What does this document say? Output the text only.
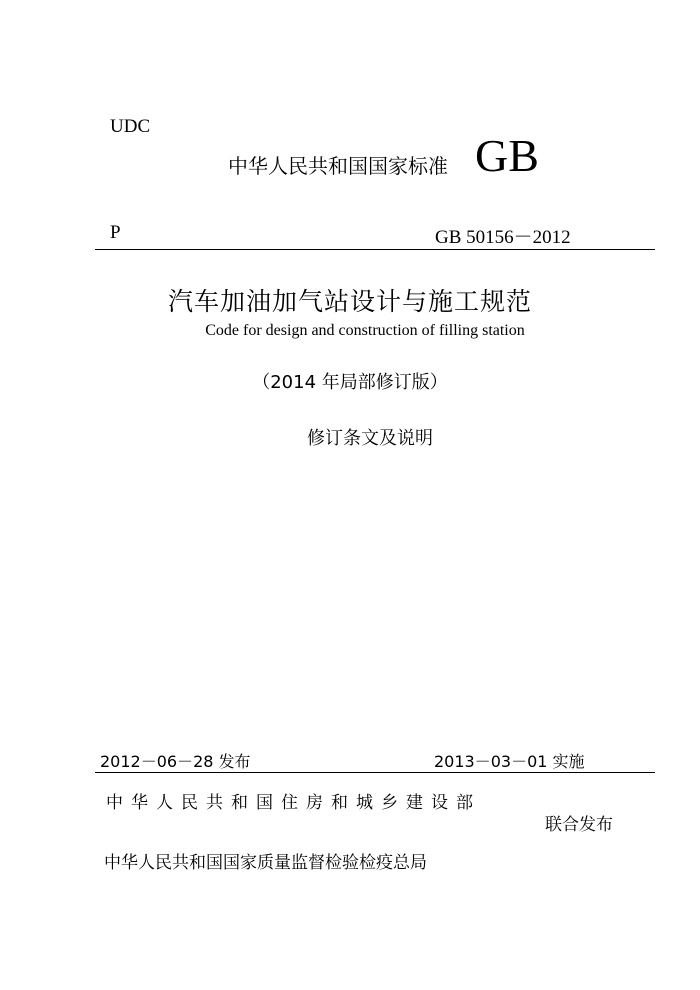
UDC
中华人民共和国国家标准 GB
P	GB 50156－2012
汽车加油加气站设计与施工规范
Code for design and construction of filling station
（2014 年局部修订版）
修订条文及说明
2012－06－28 发布	2013－03－01 实施
中华人民共和国住房和城乡建设部
联合发布
中华人民共和国国家质量监督检验检疫总局
